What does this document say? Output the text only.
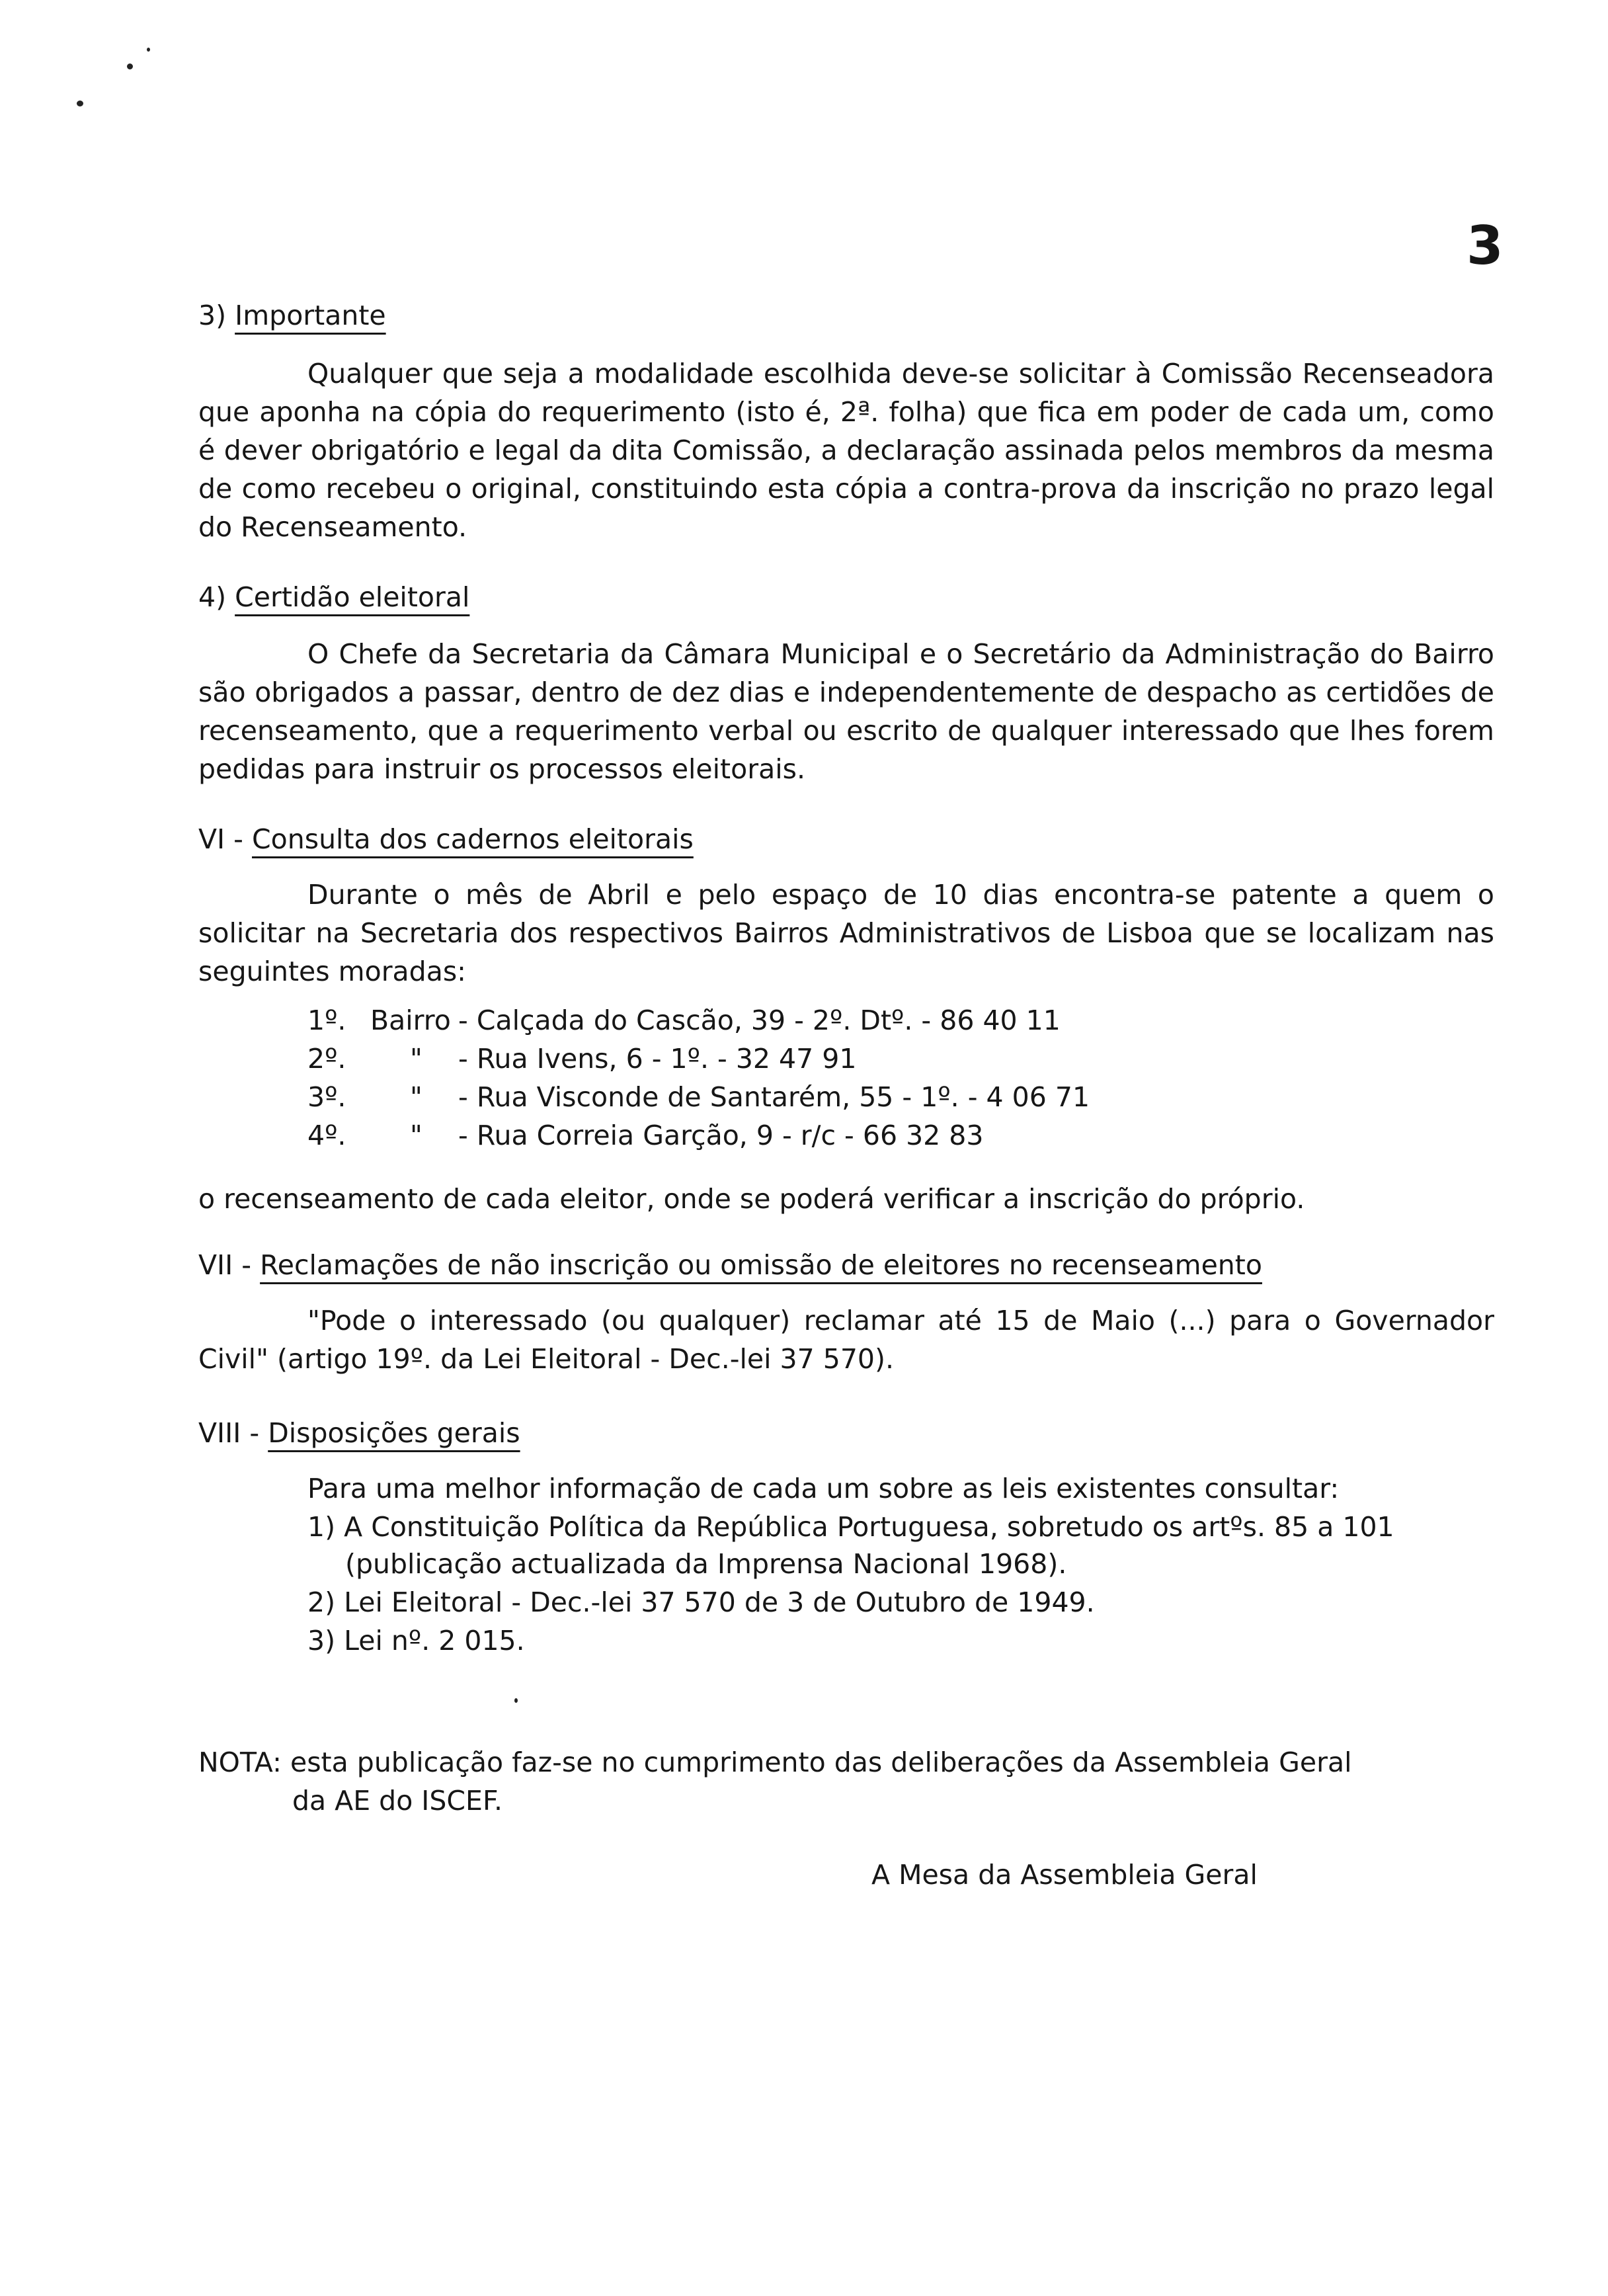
3
3) Importante
Qualquer que seja a modalidade escolhida deve-se solicitar à Comissão Recenseadora que aponha na cópia do requerimento (isto é, 2ª. folha) que fica em poder de cada um, como é dever obrigatório e legal da dita Comissão, a declaração assinada pelos membros da mesma de como recebeu o original, constituindo esta cópia a contra-prova da inscrição no prazo legal do Recenseamento.
4) Certidão eleitoral
O Chefe da Secretaria da Câmara Municipal e o Secretário da Administração do Bairro são obrigados a passar, dentro de dez dias e independentemente de despacho as certidões de recenseamento, que a requerimento verbal ou escrito de qualquer interessado que lhes forem pedidas para instruir os processos eleitorais.
VI - Consulta dos cadernos eleitorais
Durante o mês de Abril e pelo espaço de 10 dias encontra-se patente a quem o solicitar na Secretaria dos respectivos Bairros Administrativos de Lisboa que se localizam nas seguintes moradas:
1º. Bairro - Calçada do Cascão, 39 - 2º. Dtº. - 86 40 11
2º. " - Rua Ivens, 6 - 1º. - 32 47 91
3º. " - Rua Visconde de Santarém, 55 - 1º. - 4 06 71
4º. " - Rua Correia Garção, 9 - r/c - 66 32 83
o recenseamento de cada eleitor, onde se poderá verificar a inscrição do próprio.
VII - Reclamações de não inscrição ou omissão de eleitores no recenseamento
"Pode o interessado (ou qualquer) reclamar até 15 de Maio (...) para o Governador Civil" (artigo 19º. da Lei Eleitoral - Dec.-lei 37 570).
VIII - Disposições gerais
Para uma melhor informação de cada um sobre as leis existentes consultar:
1) A Constituição Política da República Portuguesa, sobretudo os artºs. 85 a 101
(publicação actualizada da Imprensa Nacional 1968).
2) Lei Eleitoral - Dec.-lei 37 570 de 3 de Outubro de 1949.
3) Lei nº. 2 015.
NOTA: esta publicação faz-se no cumprimento das deliberações da Assembleia Geral
da AE do ISCEF.
A Mesa da Assembleia Geral
